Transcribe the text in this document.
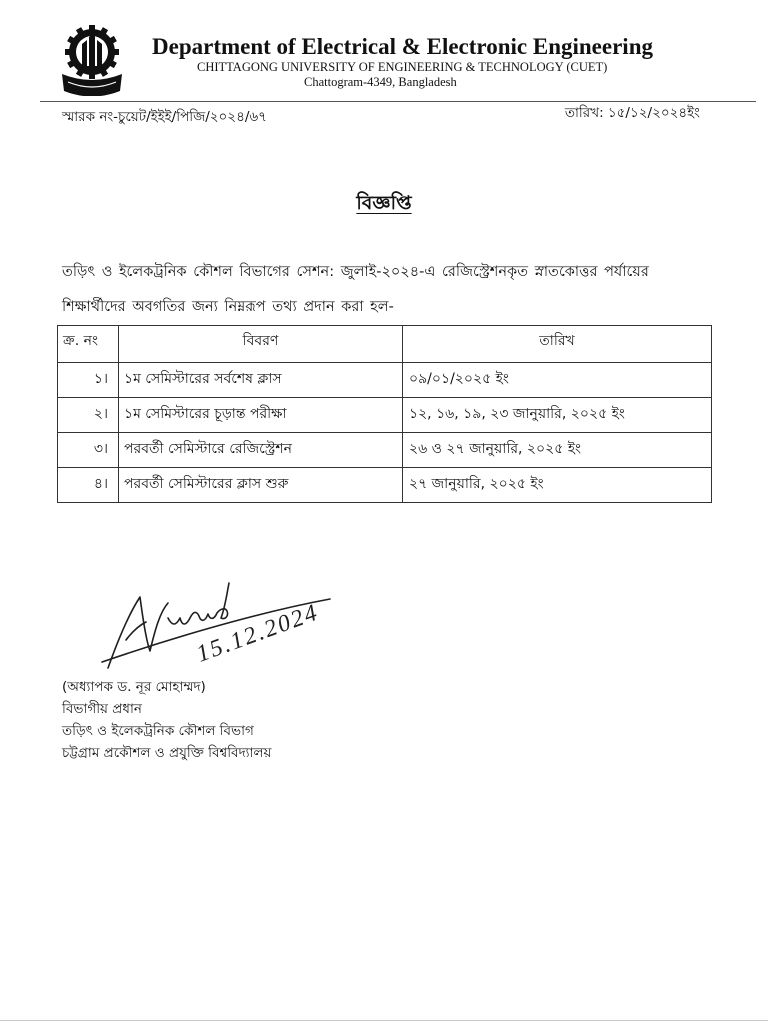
Department of Electrical & Electronic Engineering
CHITTAGONG UNIVERSITY OF ENGINEERING & TECHNOLOGY (CUET)
Chattogram-4349, Bangladesh
স্মারক নং-চুয়েট/ইইই/পিজি/২০২৪/৬৭	তারিখ: ১৫/১২/২০২৪ইং
বিজ্ঞপ্তি
তড়িৎ ও ইলেকট্রনিক কৌশল বিভাগের সেশন: জুলাই-২০২৪-এ রেজিস্ট্রেশনকৃত স্নাতকোত্তর পর্যায়ের
শিক্ষার্থীদের অবগতির জন্য নিম্নরূপ তথ্য প্রদান করা হল-
ক্র. নং	বিবরণ	তারিখ
১।	১ম সেমিস্টারের সর্বশেষ ক্লাস	০৯/০১/২০২৫ ইং
২।	১ম সেমিস্টারের চূড়ান্ত পরীক্ষা	১২, ১৬, ১৯, ২৩ জানুয়ারি, ২০২৫ ইং
৩।	পরবর্তী সেমিস্টারে রেজিস্ট্রেশন	২৬ ও ২৭ জানুয়ারি, ২০২৫ ইং
৪।	পরবর্তী সেমিস্টারের ক্লাস শুরু	২৭ জানুয়ারি, ২০২৫ ইং
15.12.2024
(অধ্যাপক ড. নূর মোহাম্মদ)
বিভাগীয় প্রধান
তড়িৎ ও ইলেকট্রনিক কৌশল বিভাগ
চট্টগ্রাম প্রকৌশল ও প্রযুক্তি বিশ্ববিদ্যালয়
